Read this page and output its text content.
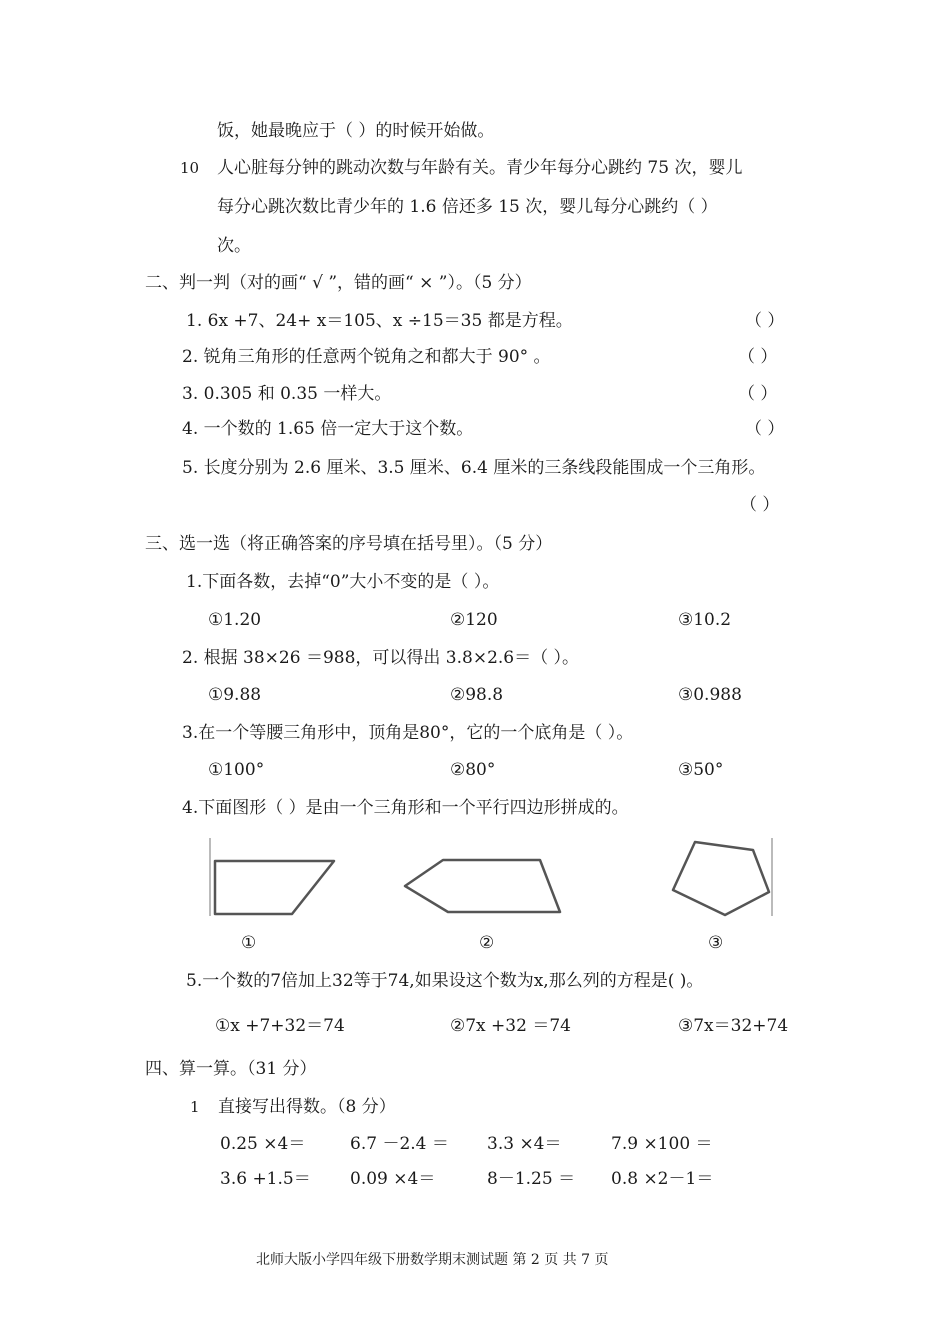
饭，她最晚应于（ ）的时候开始做。
10 人心脏每分钟的跳动次数与年龄有关。青少年每分心跳约 75 次，婴儿
每分心跳次数比青少年的 1.6 倍还多 15 次，婴儿每分心跳约（ ）
次。
二、判一判（对的画“ √ ”，错的画“ × ”）。（5 分）
1. 6x +7、24+ x＝105、x ÷15＝35 都是方程。	（ ）
2. 锐角三角形的任意两个锐角之和都大于 90° 。	（ ）
3. 0.305 和 0.35 一样大。	（ ）
4. 一个数的 1.65 倍一定大于这个数。	（ ）
5. 长度分别为 2.6 厘米、3.5 厘米、6.4 厘米的三条线段能围成一个三角形。
（ ）
三、选一选（将正确答案的序号填在括号里）。（5 分）
1.下面各数，去掉“0”大小不变的是（ ）。
①1.20	②120	③10.2
2. 根据 38×26 ＝988，可以得出 3.8×2.6＝（ ）。
①9.88	②98.8	③0.988
3.在一个等腰三角形中，顶角是80°，它的一个底角是（ ）。
①100°	②80°	③50°
4.下面图形（ ）是由一个三角形和一个平行四边形拼成的。
①	②	③
5.一个数的7倍加上32等于74,如果设这个数为x,那么列的方程是( )。
①x +7+32＝74	②7x +32 ＝74	③7x＝32+74
四、算一算。（31 分）
1 直接写出得数。（8 分）
0.25 ×4＝	6.7 －2.4 ＝ 3.3 ×4＝	7.9 ×100 ＝
3.6 +1.5＝ 0.09 ×4＝	8－1.25 ＝ 0.8 ×2－1＝
北师大版小学四年级下册数学期末测试题 第 2 页 共 7 页
